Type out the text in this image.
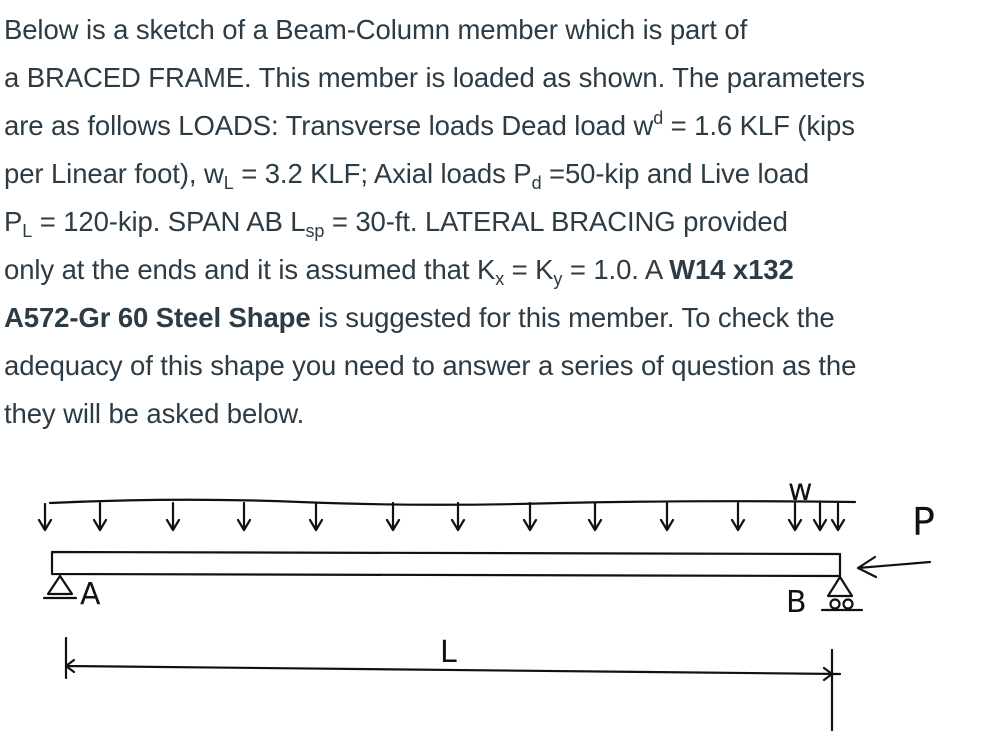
Below is a sketch of a Beam-Column member which is part of
a BRACED FRAME. This member is loaded as shown. The parameters
are as follows LOADS: Transverse loads Dead load $w^d = 1.6$ KLF (kips
per Linear foot), $w_L = 3.2$ KLF; Axial loads $P_d =50-kip$ and Live load
$P_L = 120-kip$. SPAN AB $L_{sp} = 30-ft$. LATERAL BRACING provided
only at the ends and it is assumed that $K_x = K_y = 1.0$. A W14 x132
A572-Gr 60 Steel Shape is suggested for this member. To check the
adequacy of this shape you need to answer a series of question as the
they will be asked below.
w
P
A	B
L
